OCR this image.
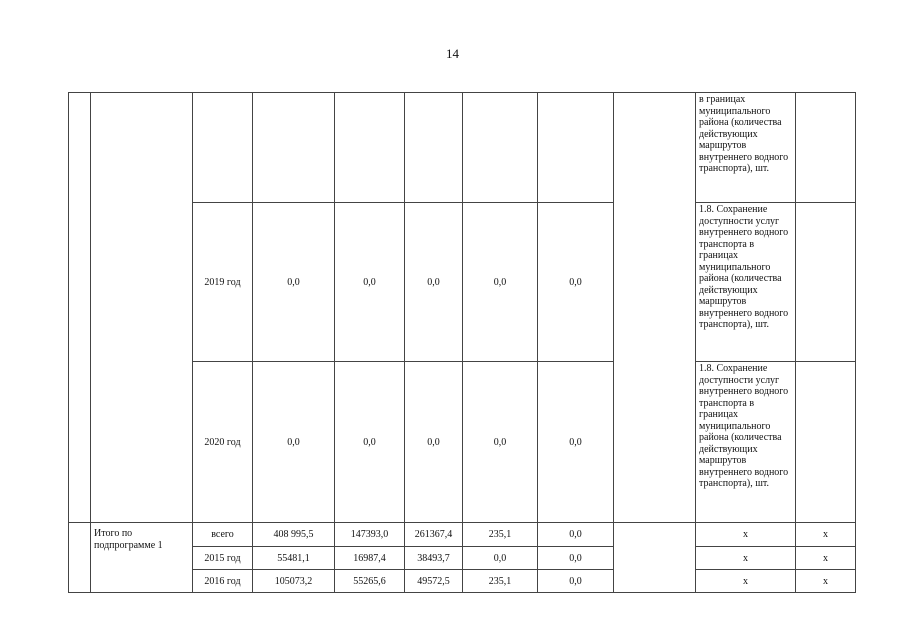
14

									в границах муниципального района (количества действующих маршрутов внутреннего водного транспорта), шт.	

		2019 год	0,0	0,0	0,0	0,0	0,0		1.8. Сохранение доступности услуг внутреннего водного транспорта в границах муниципального района (количества действующих маршрутов внутреннего водного транспорта), шт.	

		2020 год	0,0	0,0	0,0	0,0	0,0		1.8. Сохранение доступности услуг внутреннего водного транспорта в границах муниципального района (количества действующих маршрутов внутреннего водного транспорта), шт.	

	Итого по подпрограмме 1	всего	408 995,5	147393,0	261367,4	235,1	0,0		х	х
		2015 год	55481,1	16987,4	38493,7	0,0	0,0		х	х
		2016 год	105073,2	55265,6	49572,5	235,1	0,0		х	х
